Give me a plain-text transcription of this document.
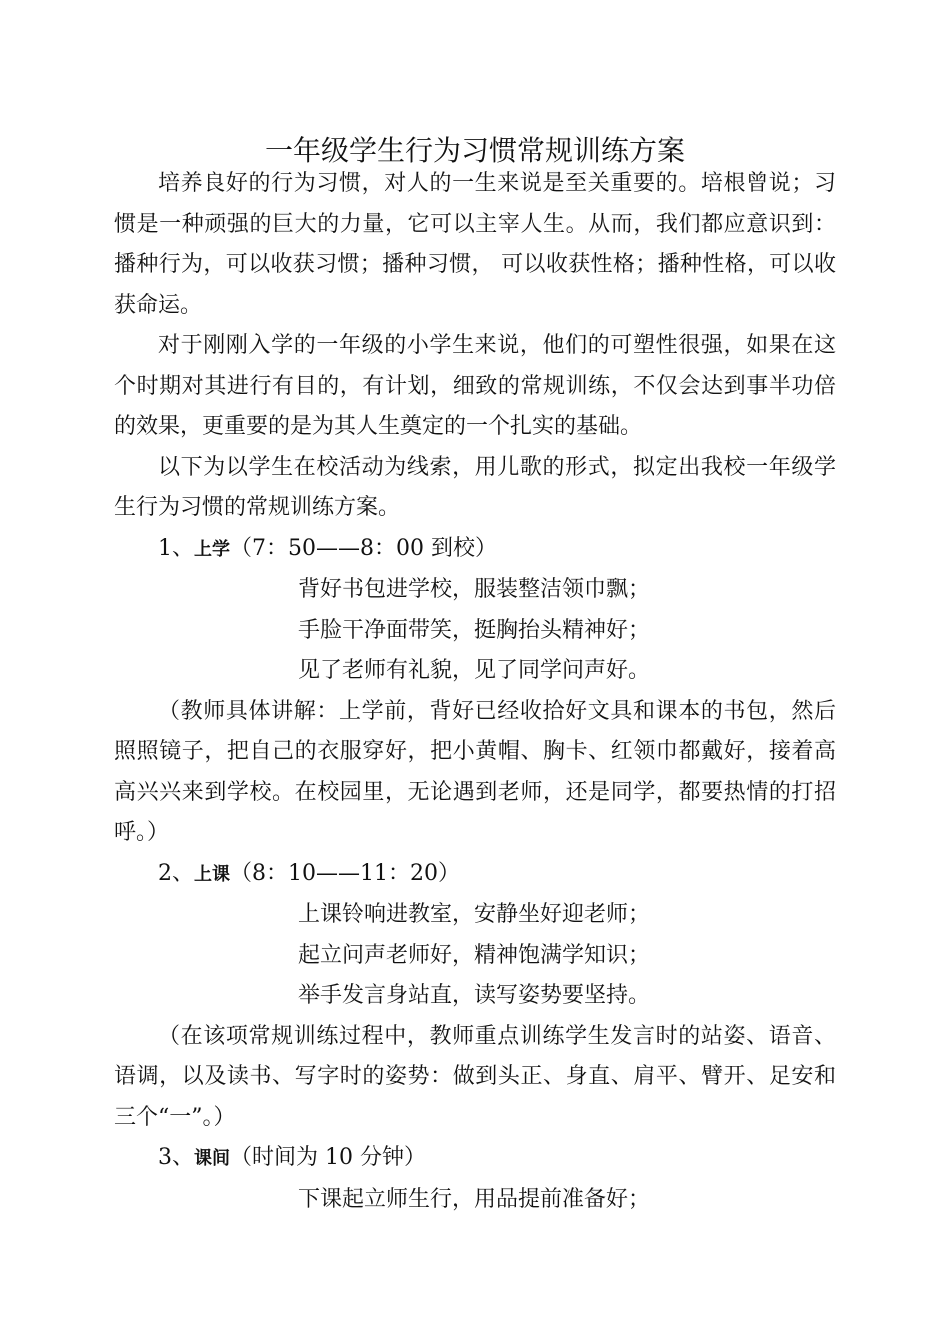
一年级学生行为习惯常规训练方案

培养良好的行为习惯，对人的一生来说是至关重要的。培根曾说；习惯是一种顽强的巨大的力量，它可以主宰人生。从而，我们都应意识到：播种行为，可以收获习惯；播种习惯， 可以收获性格；播种性格，可以收获命运。

对于刚刚入学的一年级的小学生来说，他们的可塑性很强，如果在这个时期对其进行有目的，有计划，细致的常规训练，不仅会达到事半功倍的效果，更重要的是为其人生奠定的一个扎实的基础。

以下为以学生在校活动为线索，用儿歌的形式，拟定出我校一年级学生行为习惯的常规训练方案。

1、上学（7：50——8：00 到校）

背好书包进学校，服装整洁领巾飘；

手脸干净面带笑，挺胸抬头精神好；

见了老师有礼貌，见了同学问声好。

（教师具体讲解：上学前，背好已经收拾好文具和课本的书包，然后照照镜子，把自己的衣服穿好，把小黄帽、胸卡、红领巾都戴好，接着高高兴兴来到学校。在校园里，无论遇到老师，还是同学，都要热情的打招呼。）

2、上课（8：10——11：20）

上课铃响进教室，安静坐好迎老师；

起立问声老师好，精神饱满学知识；

举手发言身站直，读写姿势要坚持。

（在该项常规训练过程中，教师重点训练学生发言时的站姿、语音、语调，以及读书、写字时的姿势：做到头正、身直、肩平、臂开、足安和三个“一”。）

3、课间（时间为 10 分钟）

下课起立师生行，用品提前准备好；
